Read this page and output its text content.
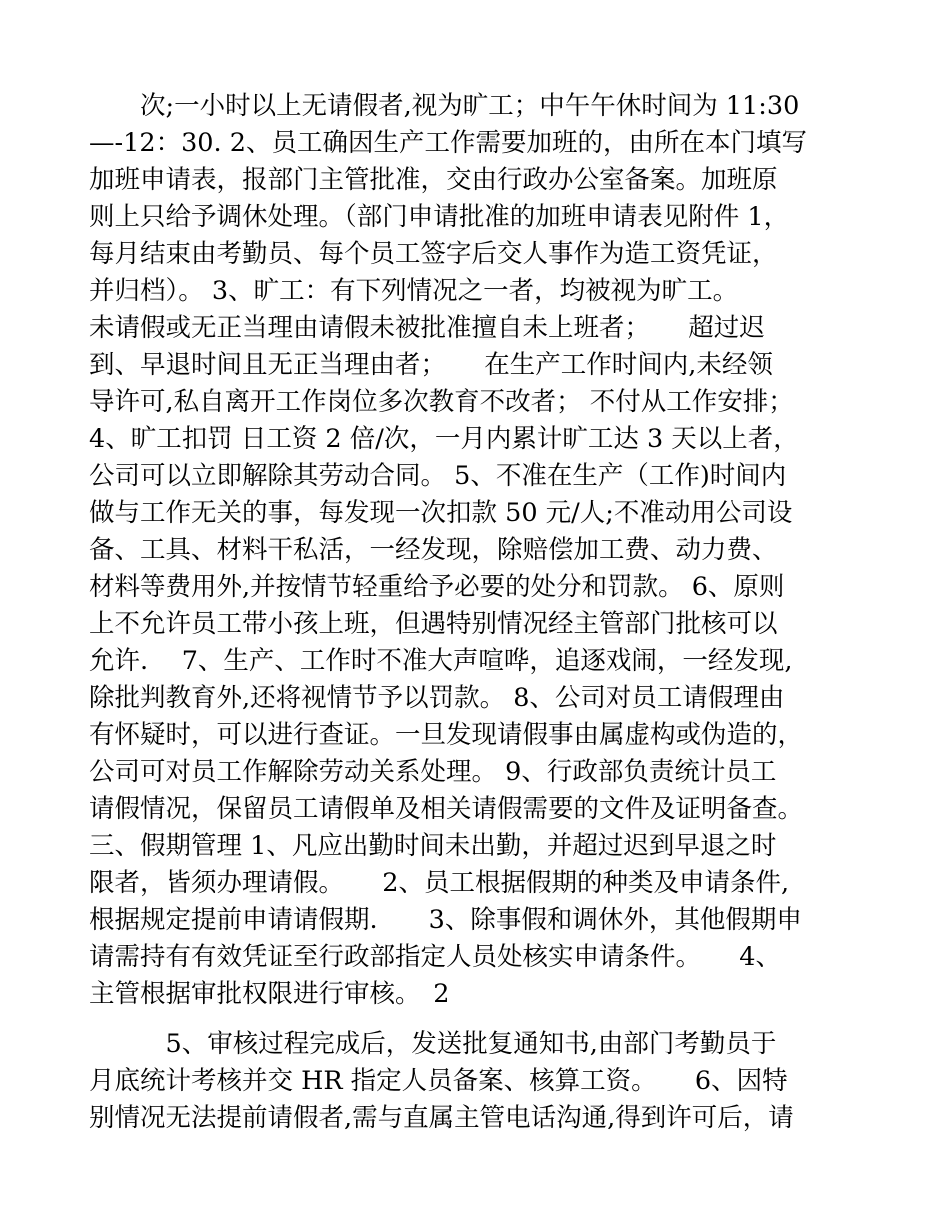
　　次;一小时以上无请假者,视为旷工；中午午休时间为 11:30
—-12：30. 2、员工确因生产工作需要加班的，由所在本门填写
加班申请表，报部门主管批准，交由行政办公室备案。加班原
则上只给予调休处理。（部门申请批准的加班申请表见附件 1，
每月结束由考勤员、每个员工签字后交人事作为造工资凭证，
并归档）。 3、旷工：有下列情况之一者，均被视为旷工。
未请假或无正当理由请假未被批准擅自未上班者；　　超过迟
到、早退时间且无正当理由者；　　在生产工作时间内,未经领
导许可,私自离开工作岗位多次教育不改者； 不付从工作安排；
4、旷工扣罚 日工资 2 倍/次，一月内累计旷工达 3 天以上者，
公司可以立即解除其劳动合同。 5、不准在生产（工作)时间内
做与工作无关的事，每发现一次扣款 50 元/人;不准动用公司设
备、工具、材料干私活，一经发现，除赔偿加工费、动力费、
材料等费用外,并按情节轻重给予必要的处分和罚款。 6、原则
上不允许员工带小孩上班，但遇特别情况经主管部门批核可以
允许.　 7、生产、工作时不准大声喧哗，追逐戏闹，一经发现,
除批判教育外,还将视情节予以罚款。 8、公司对员工请假理由
有怀疑时，可以进行查证。一旦发现请假事由属虚构或伪造的，
公司可对员工作解除劳动关系处理。 9、行政部负责统计员工
请假情况，保留员工请假单及相关请假需要的文件及证明备查。
三、假期管理 1、凡应出勤时间未出勤，并超过迟到早退之时
限者，皆须办理请假。　　2、员工根据假期的种类及申请条件,
根据规定提前申请请假期.　　3、除事假和调休外，其他假期申
请需持有有效凭证至行政部指定人员处核实申请条件。　　4、
主管根据审批权限进行审核。　2
　　　5、审核过程完成后，发送批复通知书,由部门考勤员于
月底统计考核并交 HR 指定人员备案、核算工资。　　6、因特
别情况无法提前请假者,需与直属主管电话沟通,得到许可后，请
